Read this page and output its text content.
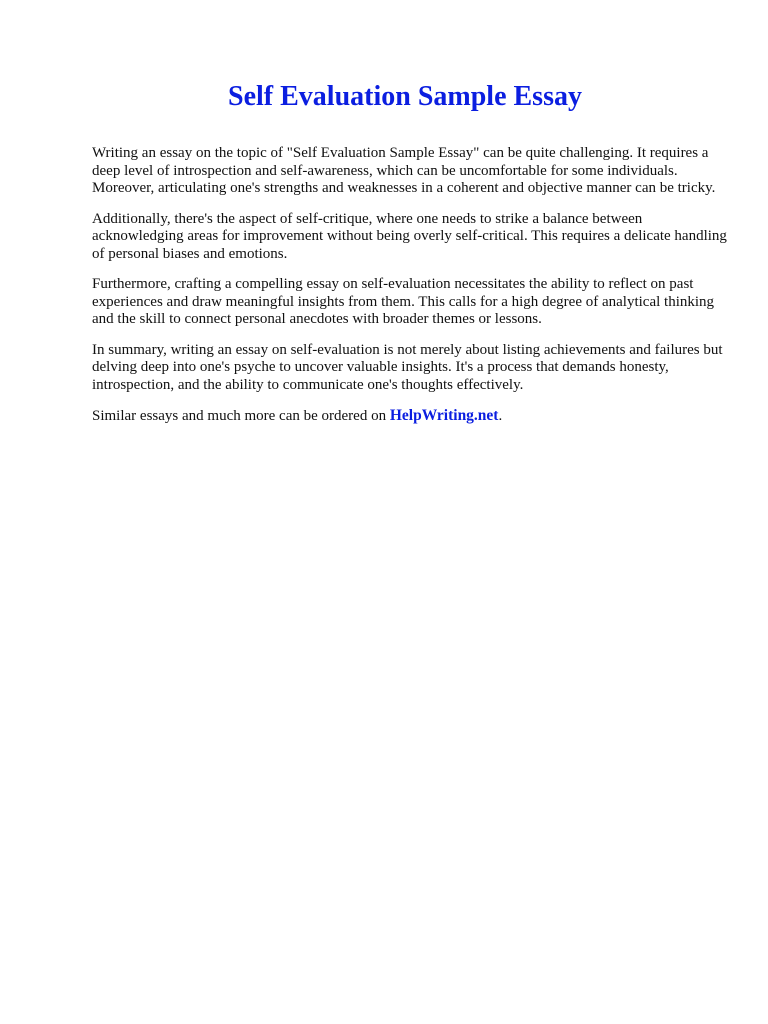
Self Evaluation Sample Essay

Writing an essay on the topic of "Self Evaluation Sample Essay" can be quite challenging. It requires a deep level of introspection and self-awareness, which can be uncomfortable for some individuals. Moreover, articulating one's strengths and weaknesses in a coherent and objective manner can be tricky.

Additionally, there's the aspect of self-critique, where one needs to strike a balance between acknowledging areas for improvement without being overly self-critical. This requires a delicate handling of personal biases and emotions.

Furthermore, crafting a compelling essay on self-evaluation necessitates the ability to reflect on past experiences and draw meaningful insights from them. This calls for a high degree of analytical thinking and the skill to connect personal anecdotes with broader themes or lessons.

In summary, writing an essay on self-evaluation is not merely about listing achievements and failures but delving deep into one's psyche to uncover valuable insights. It's a process that demands honesty, introspection, and the ability to communicate one's thoughts effectively.

Similar essays and much more can be ordered on HelpWriting.net.
